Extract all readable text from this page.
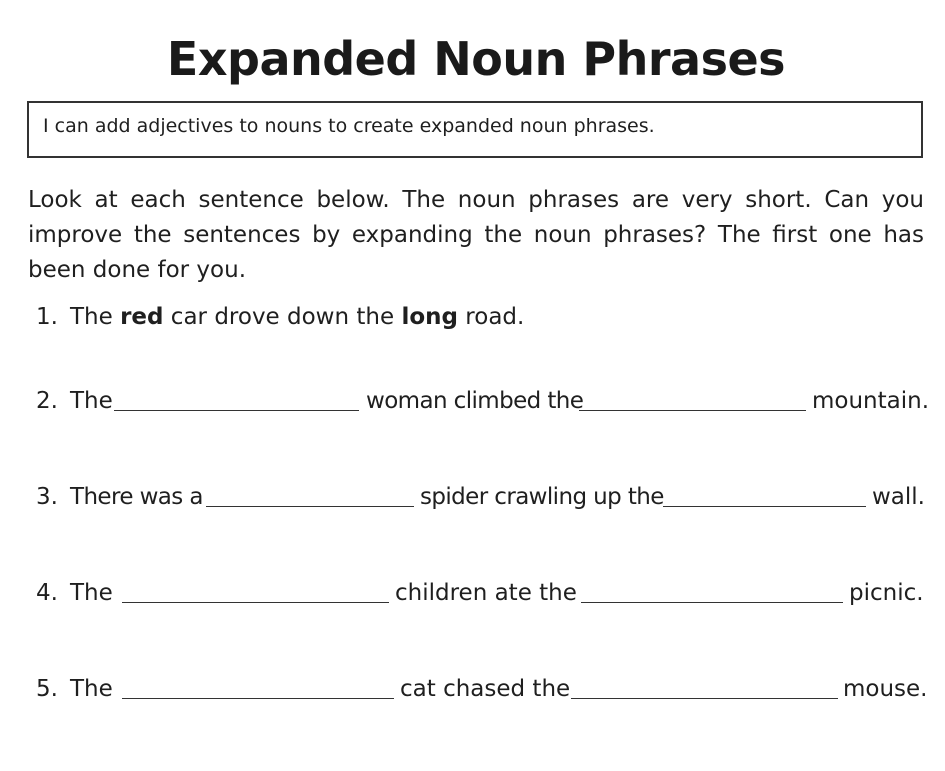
Expanded Noun Phrases
I can add adjectives to nouns to create expanded noun phrases.
Look at each sentence below. The noun phrases are very short. Can you improve the sentences by expanding the noun phrases? The first one has been done for you.
1. The red car drove down the long road.
2. The	woman climbed the	mountain.
3. There was a	spider crawling up the	wall.
4. The	children ate the	picnic.
5. The	cat chased the	mouse.
